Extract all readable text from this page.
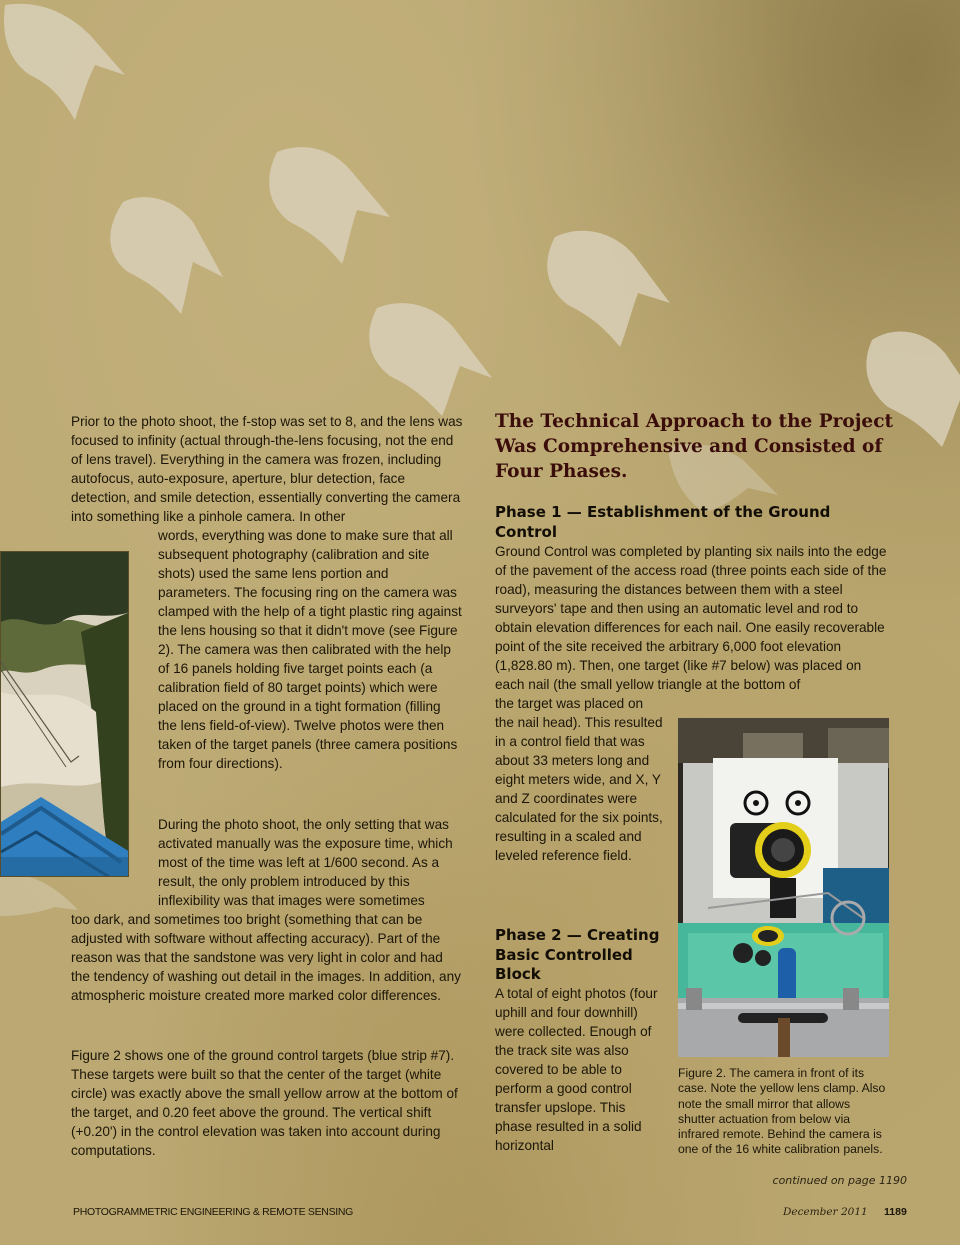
Prior to the photo shoot, the f-stop was set to 8, and the lens was focused to infinity (actual through-the-lens focusing, not the end of lens travel). Everything in the camera was frozen, including autofocus, auto-exposure, aperture, blur detection, face detection, and smile detection, essentially converting the camera into something like a pinhole camera. In other

words, everything was done to make sure that all subsequent photography (calibration and site shots) used the same lens portion and parameters. The focusing ring on the camera was clamped with the help of a tight plastic ring against the lens housing so that it didn't move (see Figure 2). The camera was then calibrated with the help of 16 panels holding five target points each (a calibration field of 80 target points) which were placed on the ground in a tight formation (filling the lens field-of-view). Twelve photos were then taken of the target panels (three camera positions from four directions).

During the photo shoot, the only setting that was activated manually was the exposure time, which most of the time was left at 1/600 second. As a result, the only problem introduced by this inflexibility was that images were sometimes

too dark, and sometimes too bright (something that can be adjusted with software without affecting accuracy). Part of the reason was that the sandstone was very light in color and had the tendency of washing out detail in the images. In addition, any atmospheric moisture created more marked color differences.

Figure 2 shows one of the ground control targets (blue strip #7). These targets were built so that the center of the target (white circle) was exactly above the small yellow arrow at the bottom of the target, and 0.20 feet above the ground. The vertical shift (+0.20') in the control elevation was taken into account during computations.

The Technical Approach to the Project Was Comprehensive and Consisted of Four Phases.
Phase 1 — Establishment of the Ground Control

Ground Control was completed by planting six nails into the edge of the pavement of the access road (three points each side of the road), measuring the distances between them with a steel surveyors' tape and then using an automatic level and rod to obtain elevation differences for each nail. One easily recoverable point of the site received the arbitrary 6,000 foot elevation (1,828.80 m). Then, one target (like #7 below) was placed on each nail (the small yellow triangle at the bottom of

the target was placed on the nail head). This resulted in a control field that was about 33 meters long and eight meters wide, and X, Y and Z coordinates were calculated for the six points, resulting in a scaled and leveled reference field.

Phase 2 — Creating Basic Controlled Block

A total of eight photos (four uphill and four downhill) were collected. Enough of the track site was also covered to be able to perform a good control transfer upslope. This phase resulted in a solid horizontal

Figure 2. The camera in front of its case. Note the yellow lens clamp. Also note the small mirror that allows shutter actuation from below via infrared remote. Behind the camera is one of the 16 white calibration panels.
continued on page 1190
PHOTOGRAMMETRIC ENGINEERING & REMOTE SENSING	December 2011 1189
